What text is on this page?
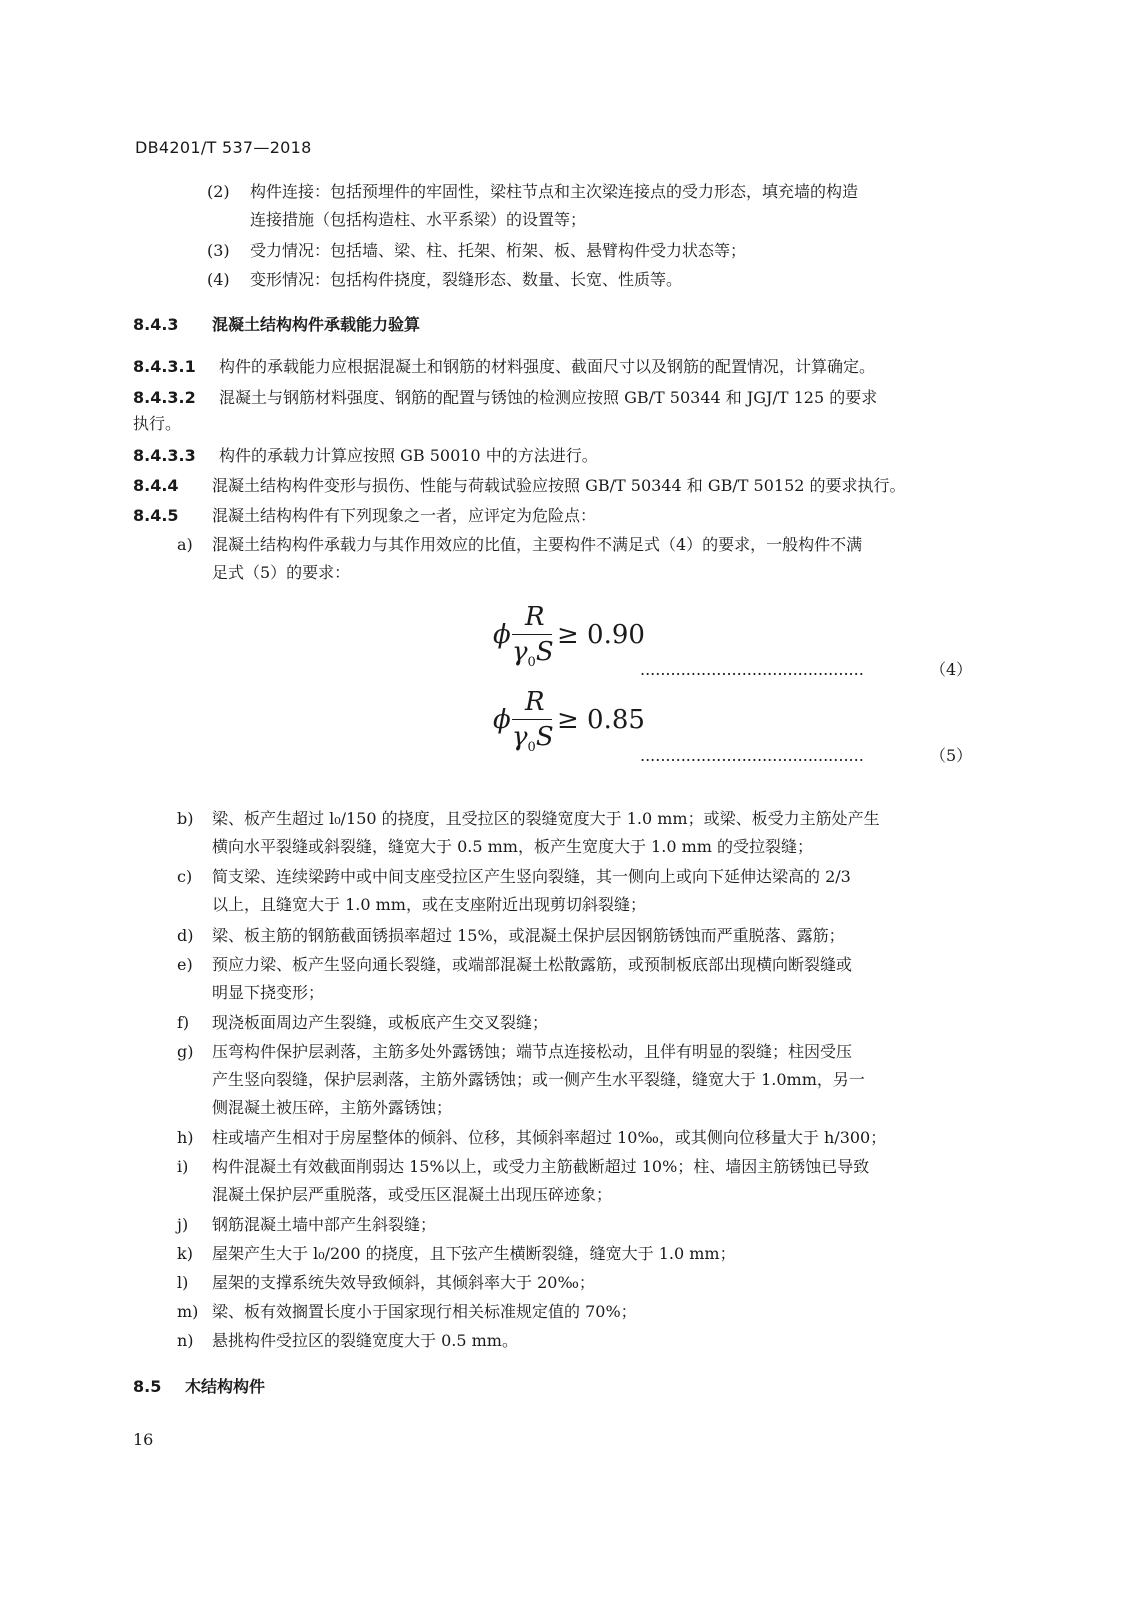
DB4201/T 537—2018
(2) 构件连接：包括预埋件的牢固性，梁柱节点和主次梁连接点的受力形态，填充墙的构造
连接措施（包括构造柱、水平系梁）的设置等；
(3) 受力情况：包括墙、梁、柱、托架、桁架、板、悬臂构件受力状态等；
(4) 变形情况：包括构件挠度，裂缝形态、数量、长宽、性质等。
8.4.3 混凝土结构构件承载能力验算
8.4.3.1 构件的承载能力应根据混凝土和钢筋的材料强度、截面尺寸以及钢筋的配置情况，计算确定。
8.4.3.2 混凝土与钢筋材料强度、钢筋的配置与锈蚀的检测应按照 GB/T 50344 和 JGJ/T 125 的要求
执行。
8.4.3.3 构件的承载力计算应按照 GB 50010 中的方法进行。
8.4.4 混凝土结构构件变形与损伤、性能与荷载试验应按照 GB/T 50344 和 GB/T 50152 的要求执行。
8.4.5 混凝土结构构件有下列现象之一者，应评定为危险点：
a) 混凝土结构构件承载力与其作用效应的比值，主要构件不满足式（4）的要求，一般构件不满
足式（5）的要求：
ϕ
R
$\gamma_0S$
≥ 0.90
............................................	（4）
ϕ
R
$\gamma_0S$
≥ 0.85
............................................	（5）
b) 梁、板产生超过 l₀/150 的挠度，且受拉区的裂缝宽度大于 1.0 mm；或梁、板受力主筋处产生
横向水平裂缝或斜裂缝，缝宽大于 0.5 mm，板产生宽度大于 1.0 mm 的受拉裂缝；
c) 简支梁、连续梁跨中或中间支座受拉区产生竖向裂缝，其一侧向上或向下延伸达梁高的 2/3
以上，且缝宽大于 1.0 mm，或在支座附近出现剪切斜裂缝；
d) 梁、板主筋的钢筋截面锈损率超过 15%，或混凝土保护层因钢筋锈蚀而严重脱落、露筋；
e) 预应力梁、板产生竖向通长裂缝，或端部混凝土松散露筋，或预制板底部出现横向断裂缝或
明显下挠变形；
f) 现浇板面周边产生裂缝，或板底产生交叉裂缝；
g) 压弯构件保护层剥落，主筋多处外露锈蚀；端节点连接松动，且伴有明显的裂缝；柱因受压
产生竖向裂缝，保护层剥落，主筋外露锈蚀；或一侧产生水平裂缝，缝宽大于 1.0mm，另一
侧混凝土被压碎，主筋外露锈蚀；
h) 柱或墙产生相对于房屋整体的倾斜、位移，其倾斜率超过 10‰，或其侧向位移量大于 h/300；
i) 构件混凝土有效截面削弱达 15%以上，或受力主筋截断超过 10%；柱、墙因主筋锈蚀已导致
混凝土保护层严重脱落，或受压区混凝土出现压碎迹象；
j) 钢筋混凝土墙中部产生斜裂缝；
k) 屋架产生大于 l₀/200 的挠度，且下弦产生横断裂缝，缝宽大于 1.0 mm；
l) 屋架的支撑系统失效导致倾斜，其倾斜率大于 20‰；
m) 梁、板有效搁置长度小于国家现行相关标准规定值的 70%；
n) 悬挑构件受拉区的裂缝宽度大于 0.5 mm。
8.5 木结构构件
16
